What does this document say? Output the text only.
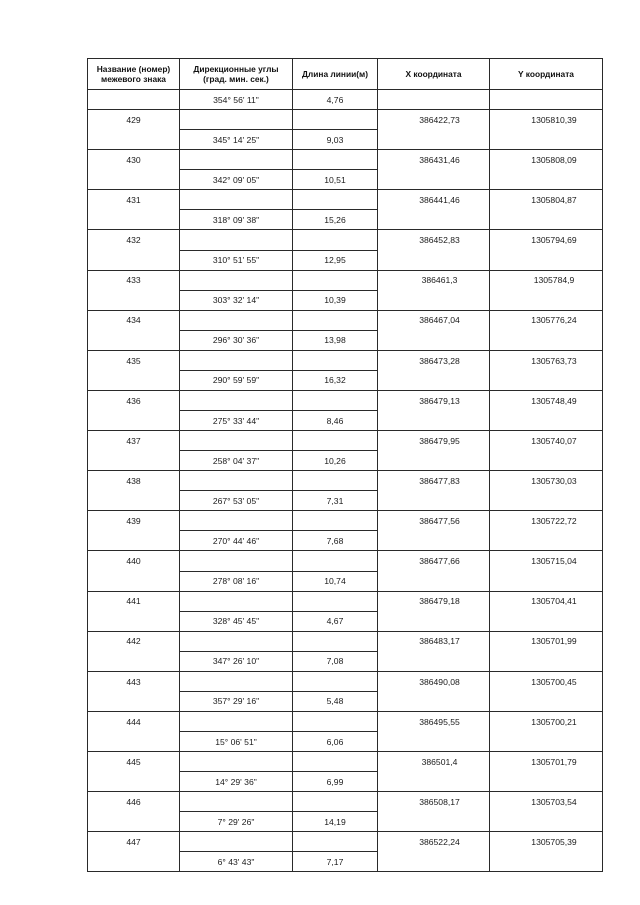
Название (номер) межевого знака	Дирекционные углы (град. мин. сек.)	Длина линии(м)	X координата	Y координата
	354° 56' 11"	4,76		
429			386422,73	1305810,39
	345° 14' 25"	9,03		
430			386431,46	1305808,09
	342° 09' 05"	10,51		
431			386441,46	1305804,87
	318° 09' 38"	15,26		
432			386452,83	1305794,69
	310° 51' 55"	12,95		
433			386461,3	1305784,9
	303° 32' 14"	10,39		
434			386467,04	1305776,24
	296° 30' 36"	13,98		
435			386473,28	1305763,73
	290° 59' 59"	16,32		
436			386479,13	1305748,49
	275° 33' 44"	8,46		
437			386479,95	1305740,07
	258° 04' 37"	10,26		
438			386477,83	1305730,03
	267° 53' 05"	7,31		
439			386477,56	1305722,72
	270° 44' 46"	7,68		
440			386477,66	1305715,04
	278° 08' 16"	10,74		
441			386479,18	1305704,41
	328° 45' 45"	4,67		
442			386483,17	1305701,99
	347° 26' 10"	7,08		
443			386490,08	1305700,45
	357° 29' 16"	5,48		
444			386495,55	1305700,21
	15° 06' 51"	6,06		
445			386501,4	1305701,79
	14° 29' 36"	6,99		
446			386508,17	1305703,54
	7° 29' 26"	14,19		
447			386522,24	1305705,39
	6° 43' 43"	7,17		
